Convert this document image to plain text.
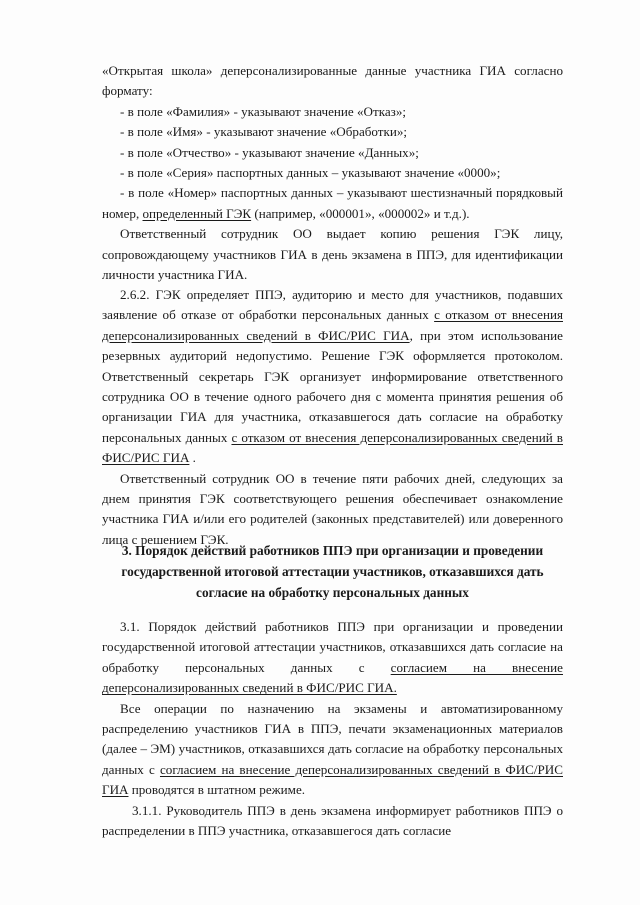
«Открытая школа» деперсонализированные данные участника ГИА согласно формату:

- в поле «Фамилия» - указывают значение «Отказ»;

- в поле «Имя» - указывают значение «Обработки»;

- в поле «Отчество» - указывают значение «Данных»;

- в поле «Серия» паспортных данных – указывают значение «0000»;

- в поле «Номер» паспортных данных – указывают шестизначный порядковый номер, определенный ГЭК (например, «000001», «000002» и т.д.).

Ответственный сотрудник ОО выдает копию решения ГЭК лицу, сопровождающему участников ГИА в день экзамена в ППЭ, для идентификации личности участника ГИА.

2.6.2. ГЭК определяет ППЭ, аудиторию и место для участников, подавших заявление об отказе от обработки персональных данных с отказом от внесения деперсонализированных сведений в ФИС/РИС ГИА, при этом использование резервных аудиторий недопустимо. Решение ГЭК оформляется протоколом. Ответственный секретарь ГЭК организует информирование ответственного сотрудника ОО в течение одного рабочего дня с момента принятия решения об организации ГИА для участника, отказавшегося дать согласие на обработку персональных данных с отказом от внесения деперсонализированных сведений в ФИС/РИС ГИА .

Ответственный сотрудник ОО в течение пяти рабочих дней, следующих за днем принятия ГЭК соответствующего решения обеспечивает ознакомление участника ГИА и/или его родителей (законных представителей) или доверенного лица с решением ГЭК.

3. Порядок действий работников ППЭ при организации и проведении
государственной итоговой аттестации участников, отказавшихся дать
согласие на обработку персональных данных

3.1. Порядок действий работников ППЭ при организации и проведении государственной итоговой аттестации участников, отказавшихся дать согласие на обработку персональных данных с согласием на внесение деперсонализированных сведений в ФИС/РИС ГИА.

Все операции по назначению на экзамены и автоматизированному распределению участников ГИА в ППЭ, печати экзаменационных материалов (далее – ЭМ) участников, отказавшихся дать согласие на обработку персональных данных с согласием на внесение деперсонализированных сведений в ФИС/РИС ГИА проводятся в штатном режиме.

3.1.1. Руководитель ППЭ в день экзамена информирует работников ППЭ о распределении в ППЭ участника, отказавшегося дать согласие
